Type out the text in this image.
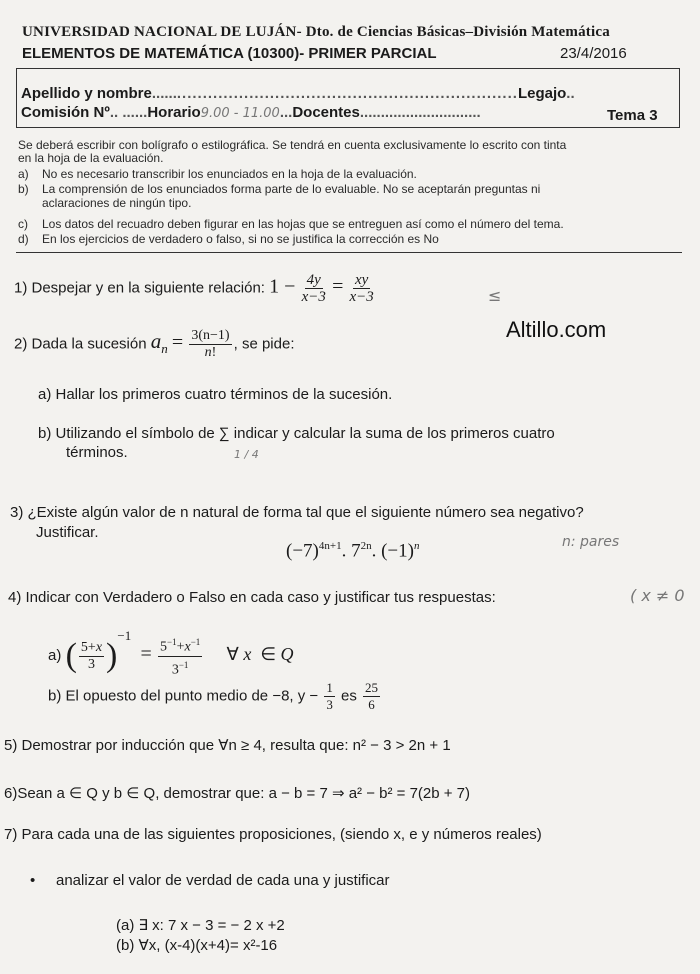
UNIVERSIDAD NACIONAL DE LUJÁN- Dto. de Ciencias Básicas–División Matemática
ELEMENTOS DE MATEMÁTICA (10300)- PRIMER PARCIAL	23/4/2016
Apellido y nombre........................................................................Legajo..
Comisión Nº.. ......Horario9.00 - 11.00...Docentes.............................	Tema 3
Se deberá escribir con bolígrafo o estilográfica. Se tendrá en cuenta exclusivamente lo escrito con tinta
en la hoja de la evaluación.
a) No es necesario transcribir los enunciados en la hoja de la evaluación.
b) La comprensión de los enunciados forma parte de lo evaluable. No se aceptarán preguntas ni
aclaraciones de ningún tipo.
c) Los datos del recuadro deben figurar en las hojas que se entreguen así como el número del tema.
d) En los ejercicios de verdadero o falso, si no se justifica la corrección es No
1) Despejar y en la siguiente relación: $1 - \frac{4y}{x-3} = \frac{xy}{x-3}$	≤
Altillo.com
2) Dada la sucesión $a_n = \frac{3(n-1)}{n!}$ , se pide:
a) Hallar los primeros cuatro términos de la sucesión.
b) Utilizando el símbolo de ∑ indicar y calcular la suma de los primeros cuatro
términos.	1 / 4
3) ¿Existe algún valor de n natural de forma tal que el siguiente número sea negativo?
Justificar.
$(-7)^{4n+1}$. $7^{2n}$. $(-1)^n$	n: pares
4) Indicar con Verdadero o Falso en cada caso y justificar tus respuestas:	( x ≠ 0
a) ( $\frac{5+x}{3} )^{-1} = \frac{5^{-1}+x^{-1}}{3^{-1}}$ ∀ x  ∈ Q
b) El opuesto del punto medio de −8, $y - \frac{1}{3}$ es $\frac{25}{6}$
5) Demostrar por inducción que ∀n ≥ 4, resulta que: n² − 3 > 2n + 1
6)Sean a ∈ Q y b ∈ Q, demostrar que: a − b = 7 ⇒ a² − b² = 7(2b + 7)
7) Para cada una de las siguientes proposiciones, (siendo x, e y números reales)
• analizar el valor de verdad de cada una y justificar
(a) ∃ x: 7 x − 3 = − 2 x +2
(b) ∀x, (x-4)(x+4)= x²-16
